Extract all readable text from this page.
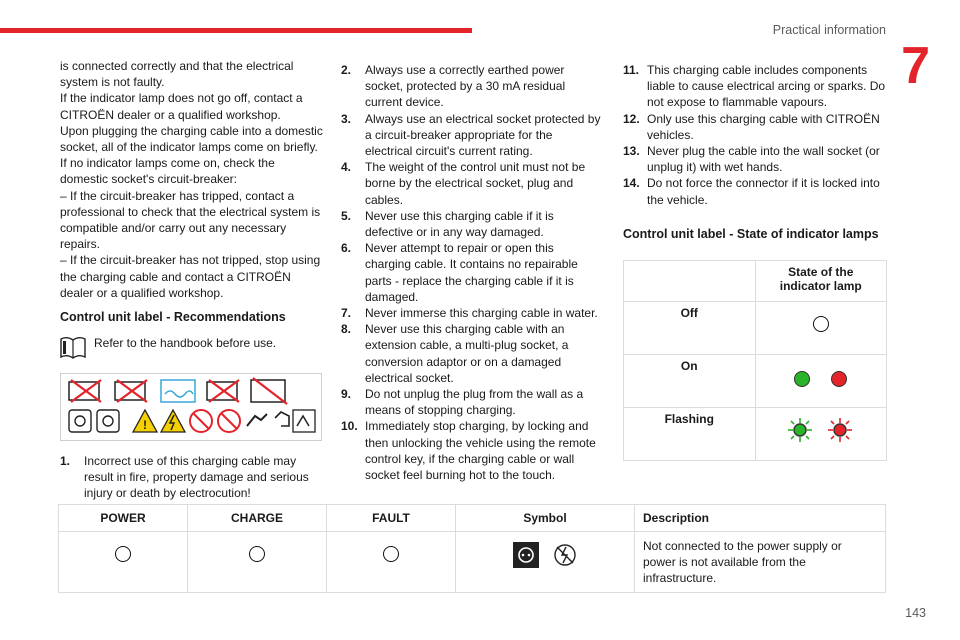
Practical information
7

is connected correctly and that the electrical system is not faulty.

If the indicator lamp does not go off, contact a CITROËN dealer or a qualified workshop.

Upon plugging the charging cable into a domestic socket, all of the indicator lamps come on briefly.

If no indicator lamps come on, check the domestic socket's circuit-breaker:

– If the circuit-breaker has tripped, contact a professional to check that the electrical system is compatible and/or carry out any necessary repairs.

– If the circuit-breaker has not tripped, stop using the charging cable and contact a CITROËN dealer or a qualified workshop.

Control unit label - Recommendations
Refer to the handbook before use.
!
1.	Incorrect use of this charging cable may result in fire, property damage and serious injury or death by electrocution!
2.	Always use a correctly earthed power socket, protected by a 30 mA residual current device.
3.	Always use an electrical socket protected by a circuit-breaker appropriate for the electrical circuit's current rating.
4.	The weight of the control unit must not be borne by the electrical socket, plug and cables.
5.	Never use this charging cable if it is defective or in any way damaged.
6.	Never attempt to repair or open this charging cable. It contains no repairable parts - replace the charging cable if it is damaged.
7.	Never immerse this charging cable in water.
8.	Never use this charging cable with an extension cable, a multi-plug socket, a conversion adaptor or on a damaged electrical socket.
9.	Do not unplug the plug from the wall as a means of stopping charging.
10. Immediately stop charging, by locking and then unlocking the vehicle using the remote control key, if the charging cable or wall socket feel burning hot to the touch.
11. This charging cable includes components liable to cause electrical arcing or sparks. Do not expose to flammable vapours.
12. Only use this charging cable with CITROËN vehicles.
13. Never plug the cable into the wall socket (or unplug it) with wet hands.
14. Do not force the connector if it is locked into the vehicle.
Control unit label - State of indicator lamps
	State of the indicator lamp
Off	
On	
Flashing	
POWER	CHARGE	FAULT	Symbol	Description
				Not connected to the power supply or power is not available from the infrastructure.
143
